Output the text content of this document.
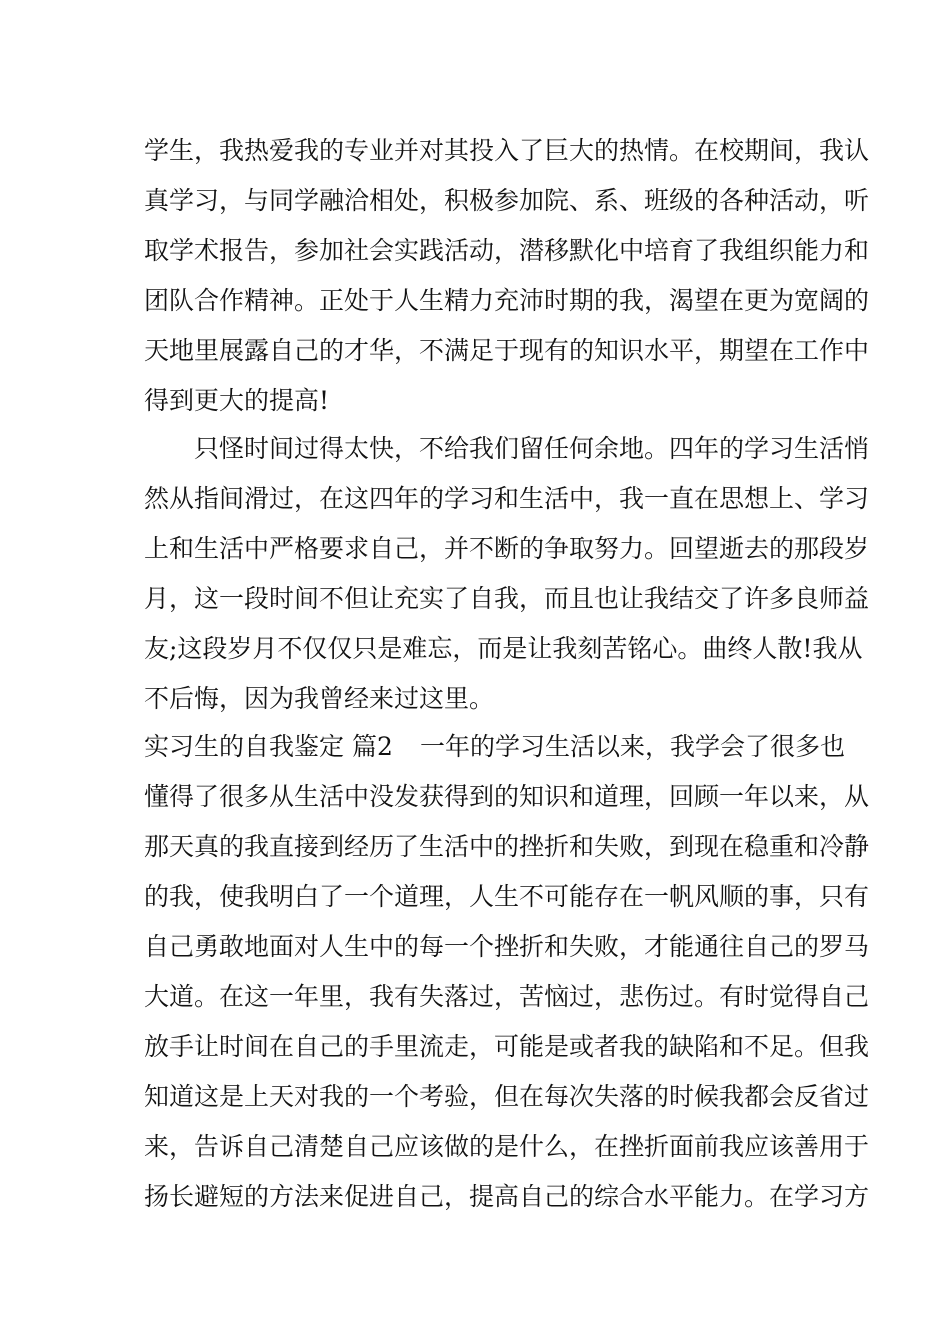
学生，我热爱我的专业并对其投入了巨大的热情。在校期间，我认

真学习，与同学融洽相处，积极参加院、系、班级的各种活动，听

取学术报告，参加社会实践活动，潜移默化中培育了我组织能力和

团队合作精神。正处于人生精力充沛时期的我，渴望在更为宽阔的

天地里展露自己的才华，不满足于现有的知识水平，期望在工作中

得到更大的提高!

只怪时间过得太快，不给我们留任何余地。四年的学习生活悄

然从指间滑过，在这四年的学习和生活中，我一直在思想上、学习

上和生活中严格要求自己，并不断的争取努力。回望逝去的那段岁

月，这一段时间不但让充实了自我，而且也让我结交了许多良师益

友;这段岁月不仅仅只是难忘，而是让我刻苦铭心。曲终人散!我从

不后悔，因为我曾经来过这里。

实习生的自我鉴定 篇2 一年的学习生活以来，我学会了很多也

懂得了很多从生活中没发获得到的知识和道理，回顾一年以来，从

那天真的我直接到经历了生活中的挫折和失败，到现在稳重和冷静

的我，使我明白了一个道理，人生不可能存在一帆风顺的事，只有

自己勇敢地面对人生中的每一个挫折和失败，才能通往自己的罗马

大道。在这一年里，我有失落过，苦恼过，悲伤过。有时觉得自己

放手让时间在自己的手里流走，可能是或者我的缺陷和不足。但我

知道这是上天对我的一个考验，但在每次失落的时候我都会反省过

来，告诉自己清楚自己应该做的是什么，在挫折面前我应该善用于

扬长避短的方法来促进自己，提高自己的综合水平能力。在学习方
